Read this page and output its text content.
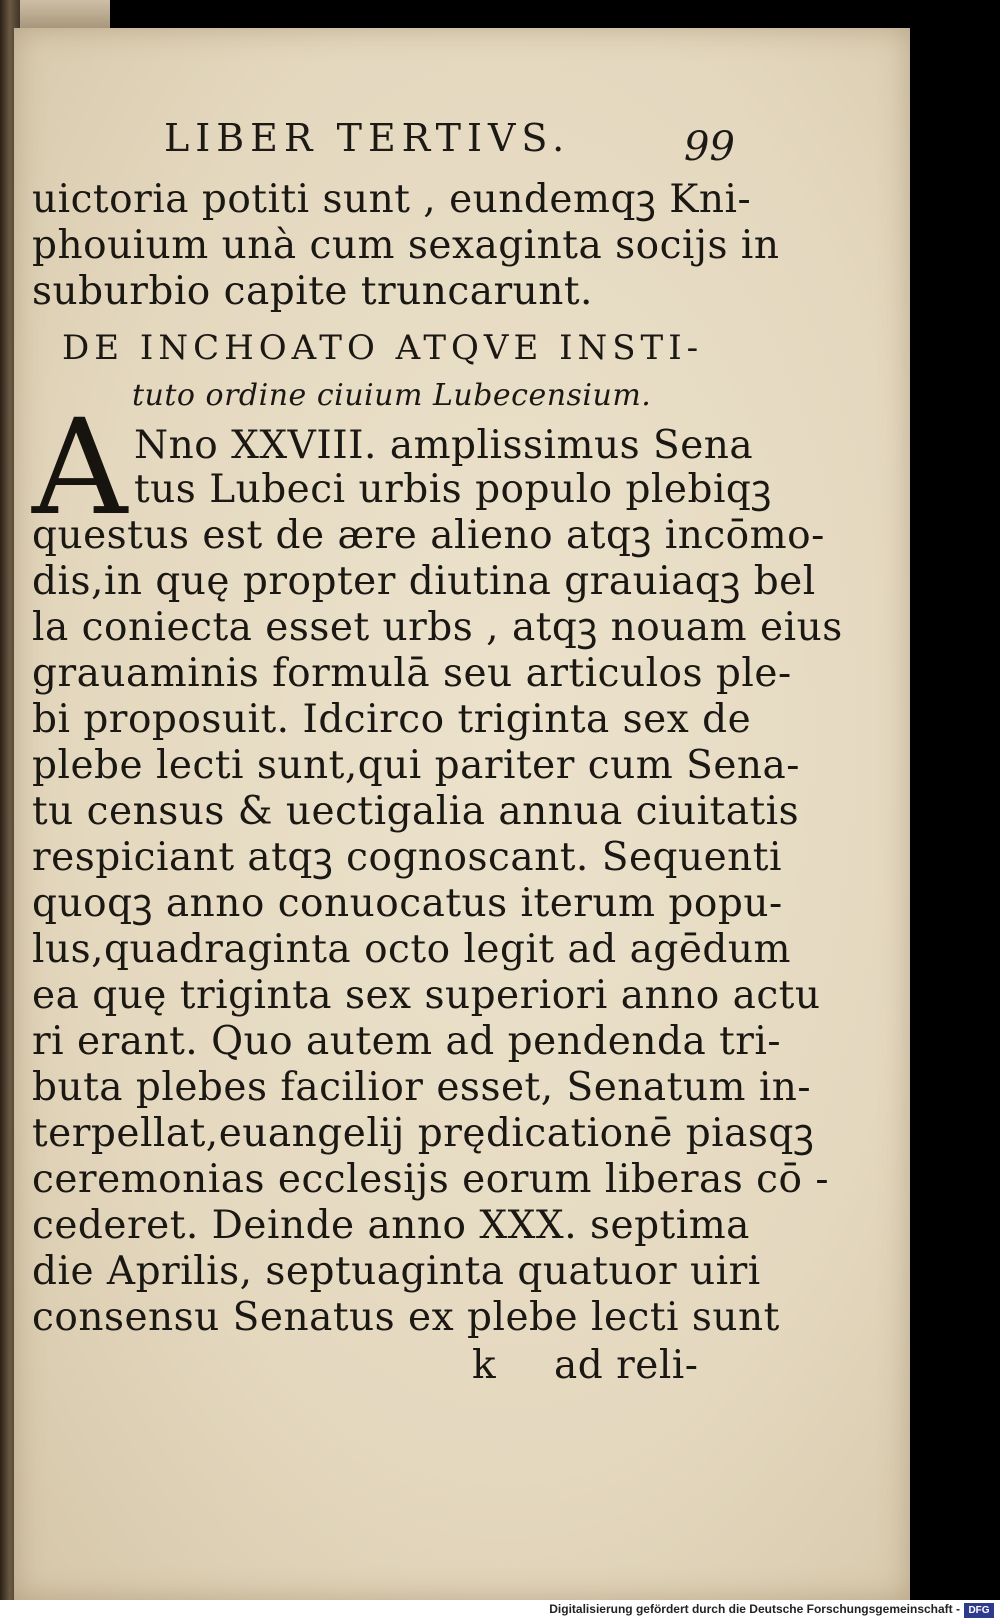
LIBER TERTIVS.	99
uictoria potiti sunt , eundemqꝫ Kni-
phouium unà cum sexaginta socijs in
suburbio capite truncarunt.
DE INCHOATO ATQVE INSTI-
tuto ordine ciuium Lubecensium.
Nno XXVIII. amplissimus Sena
tus Lubeci urbis populo plebiqꝫ
questus est de ære alieno atqꝫ incōmo-
dis,in quę propter diutina grauiaqꝫ bel
la coniecta esset urbs , atqꝫ nouam eius
grauaminis formulā seu articulos ple-
bi proposuit. Idcirco triginta sex de
plebe lecti sunt,qui pariter cum Sena-
tu census & uectigalia annua ciuitatis
respiciant atqꝫ cognoscant. Sequenti
quoqꝫ anno conuocatus iterum popu-
lus,quadraginta octo legit ad agēdum
ea quę triginta sex superiori anno actu
ri erant. Quo autem ad pendenda tri-
buta plebes facilior esset, Senatum in-
terpellat,euangelij prędicationē piasqꝫ
ceremonias ecclesijs eorum liberas cō -
cederet. Deinde anno XXX. septima
die Aprilis, septuaginta quatuor uiri
consensu Senatus ex plebe lecti sunt
k ad reli-
A
Digitalisierung gefördert durch die Deutsche Forschungsgemeinschaft - DFG
